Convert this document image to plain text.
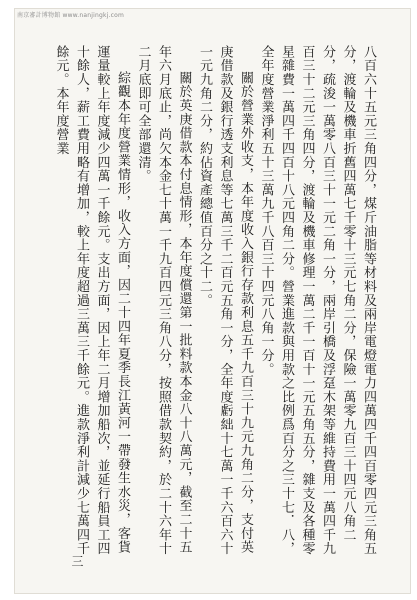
南京審計博物館 www.nanjingkj.com

八百六十五元三角四分，煤斤油脂等材料及兩岸電燈電力四萬四千四百零四元三角五分，渡輪及機車折舊四萬七千零十三元七角二分，保險一萬零九百三十四元八角二分，疏浚一萬零八百三十一元二角一分，兩岸引橋及浮趸木架等維持費用一萬四千九百三十二元三角四分，渡輪及機車修理一萬二千一百十一元五角五分，雜支及各種零星雜費一萬四千四百十八元四角二分。營業進款與用款之比例爲百分之三十七．八，全年度營業淨利五十三萬九千八百三十四元八角一分。

關於營業外收支，本年度收入銀行存款利息五千九百三十九元九角二分，支付英庚借款及銀行透支利息等七萬三千二百元五角一分，全年度虧絀十七萬一千六百六十一元九角二分，約佔資產總值百分之十二。

關於英庚借款本付息情形，本年度償還第一批料款本金八十八萬元，截至二十五年六月底止，尚欠本金七十萬一千九百四元三角八分，按照借款契約，於二十六年十二月底即可全部還清。

綜觀本年度營業情形，收入方面，因二十四年夏季長江黃河一帶發生水災，客貨運量較上年度減少四萬一千餘元。支出方面，因上年二月增加船次，並延行船員工四十餘人，薪工費用略有增加，較上年度超過三萬三千餘元。進款淨利計減少七萬四千餘元。本年度營業

三
